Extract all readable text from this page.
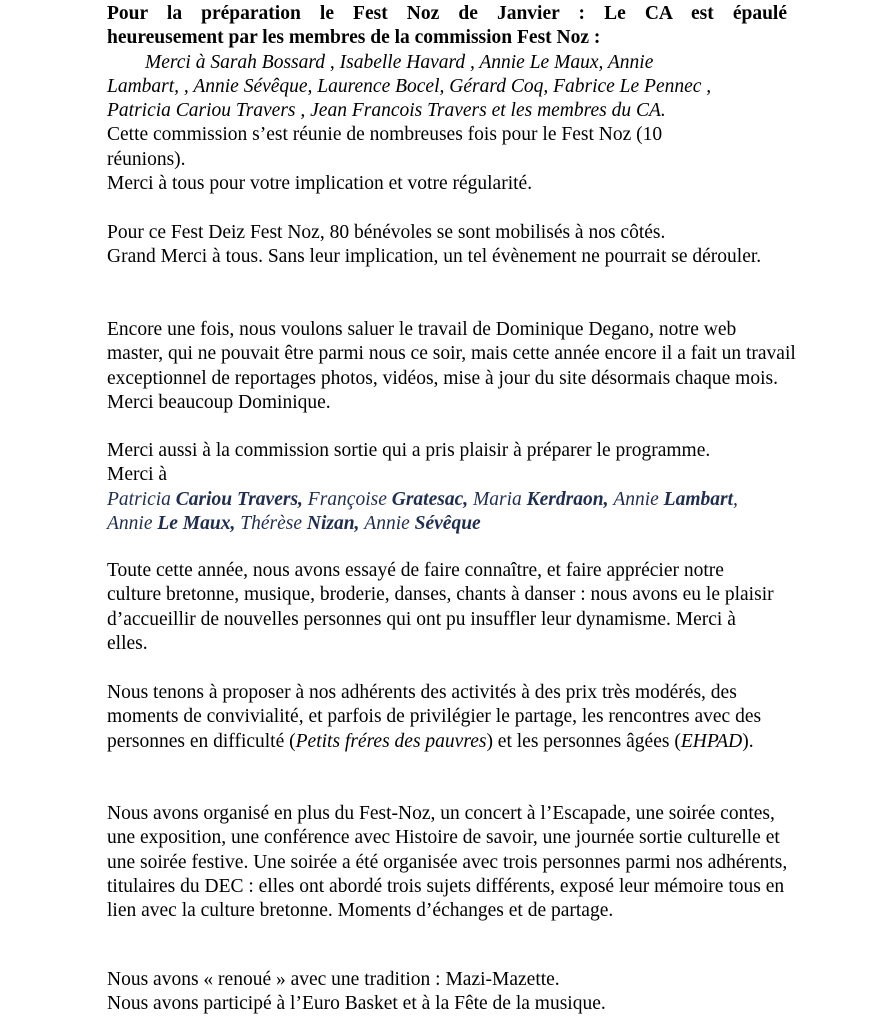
Pour la préparation le Fest Noz de Janvier : Le CA est épaulé
heureusement par les membres de la commission Fest Noz :

Merci à Sarah Bossard , Isabelle Havard , Annie Le Maux, Annie
Lambart, , Annie Sévêque, Laurence Bocel, Gérard Coq, Fabrice Le Pennec ,
Patricia Cariou Travers , Jean Francois Travers et les membres du CA.

Cette commission s’est réunie de nombreuses fois pour le Fest Noz (10 réunions).

Merci à tous pour votre implication et votre régularité.

Pour ce Fest Deiz Fest Noz, 80 bénévoles se sont mobilisés à nos côtés.

Grand Merci à tous. Sans leur implication, un tel évènement ne pourrait se dérouler.

Encore une fois, nous voulons saluer le travail de Dominique Degano, notre web master, qui ne pouvait être parmi nous ce soir, mais cette année encore il a fait un travail exceptionnel de reportages photos, vidéos, mise à jour du site désormais chaque mois. Merci beaucoup Dominique.

Merci aussi à la commission sortie qui a pris plaisir à préparer le programme.

Merci à

Patricia Cariou Travers, Françoise Gratesac, Maria Kerdraon, Annie Lambart,
Annie Le Maux, Thérèse Nizan, Annie Sévêque

Toute cette année, nous avons essayé de faire connaître, et faire apprécier notre culture bretonne, musique, broderie, danses, chants à danser : nous avons eu le plaisir d’accueillir de nouvelles personnes qui ont pu insuffler leur dynamisme. Merci à elles.

Nous tenons à proposer à nos adhérents des activités à des prix très modérés, des moments de convivialité, et parfois de privilégier le partage, les rencontres avec des personnes en difficulté (Petits fréres des pauvres) et les personnes âgées (EHPAD).

Nous avons organisé en plus du Fest-Noz, un concert à l’Escapade, une soirée contes, une exposition, une conférence avec Histoire de savoir, une journée sortie culturelle et une soirée festive. Une soirée a été organisée avec trois personnes parmi nos adhérents, titulaires du DEC : elles ont abordé trois sujets différents, exposé leur mémoire tous en lien avec la culture bretonne. Moments d’échanges et de partage.

Nous avons « renoué » avec une tradition : Mazi-Mazette.

Nous avons participé à l’Euro Basket et à la Fête de la musique.
